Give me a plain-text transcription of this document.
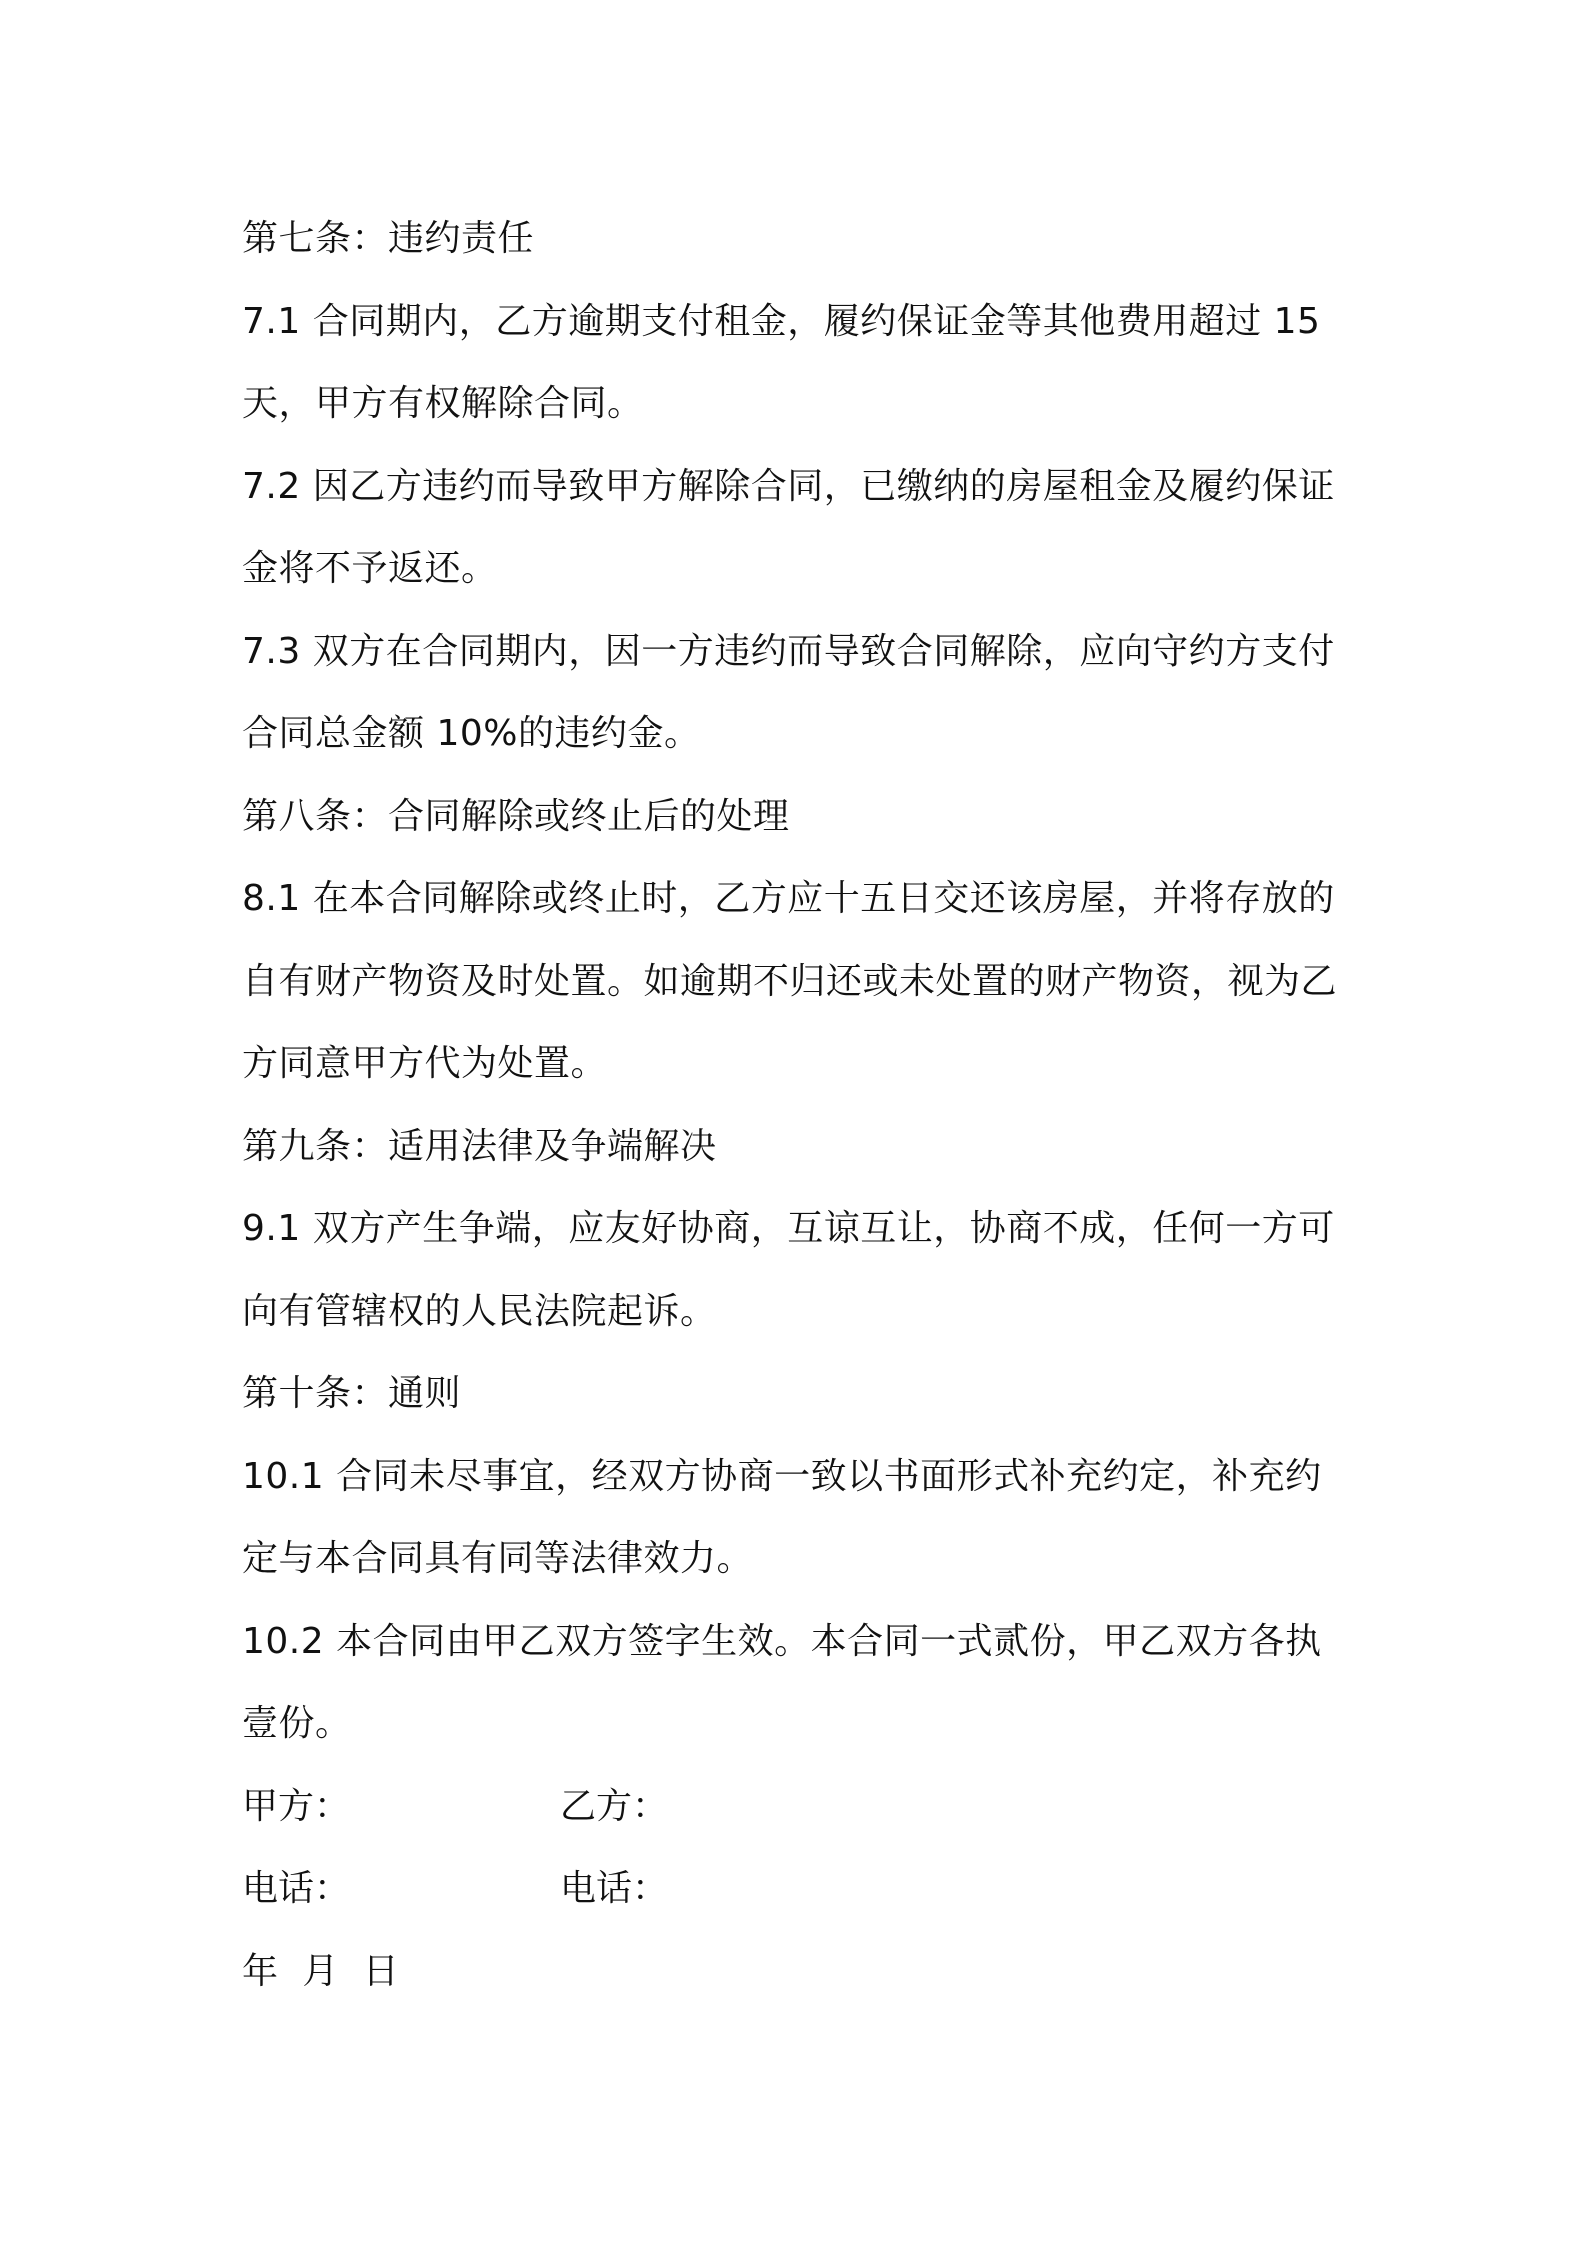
第七条：违约责任
7.1 合同期内，乙方逾期支付租金，履约保证金等其他费用超过 15
天，甲方有权解除合同。
7.2 因乙方违约而导致甲方解除合同，已缴纳的房屋租金及履约保证
金将不予返还。
7.3 双方在合同期内，因一方违约而导致合同解除，应向守约方支付
合同总金额 10%的违约金。
第八条：合同解除或终止后的处理
8.1 在本合同解除或终止时，乙方应十五日交还该房屋，并将存放的
自有财产物资及时处置。如逾期不归还或未处置的财产物资，视为乙
方同意甲方代为处置。
第九条：适用法律及争端解决
9.1 双方产生争端，应友好协商，互谅互让，协商不成，任何一方可
向有管辖权的人民法院起诉。
第十条：通则
10.1 合同未尽事宜，经双方协商一致以书面形式补充约定，补充约
定与本合同具有同等法律效力。
10.2 本合同由甲乙双方签字生效。本合同一式贰份，甲乙双方各执
壹份。
甲方：	乙方：
电话：	电话：
年  月  日
